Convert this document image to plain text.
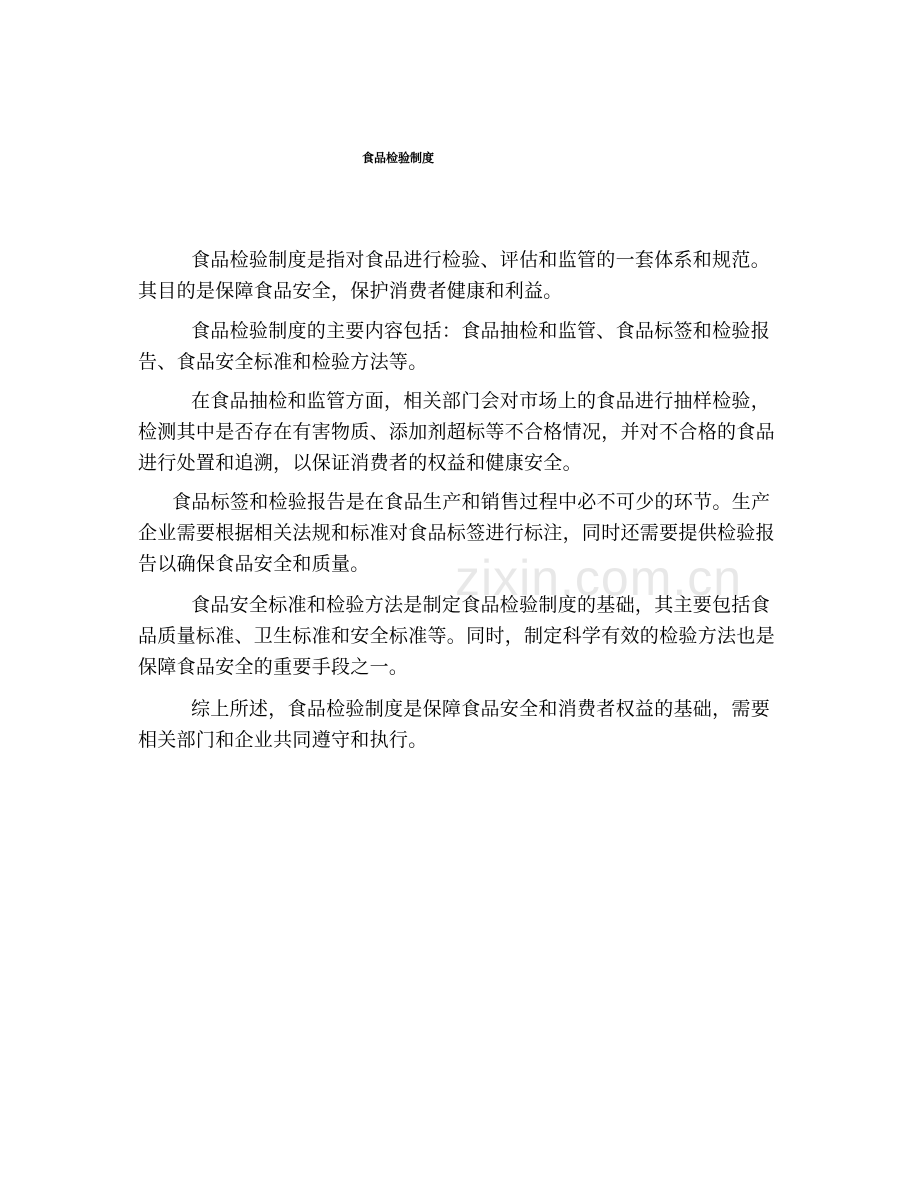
食品检验制度

食品检验制度是指对食品进行检验、评估和监管的一套体系和规范。其目的是保障食品安全，保护消费者健康和利益。

食品检验制度的主要内容包括：食品抽检和监管、食品标签和检验报告、食品安全标准和检验方法等。

在食品抽检和监管方面，相关部门会对市场上的食品进行抽样检验，检测其中是否存在有害物质、添加剂超标等不合格情况，并对不合格的食品进行处置和追溯，以保证消费者的权益和健康安全。

食品标签和检验报告是在食品生产和销售过程中必不可少的环节。生产企业需要根据相关法规和标准对食品标签进行标注，同时还需要提供检验报告以确保食品安全和质量。

食品安全标准和检验方法是制定食品检验制度的基础，其主要包括食品质量标准、卫生标准和安全标准等。同时，制定科学有效的检验方法也是保障食品安全的重要手段之一。

综上所述，食品检验制度是保障食品安全和消费者权益的基础，需要相关部门和企业共同遵守和执行。

zixin.com.cn
